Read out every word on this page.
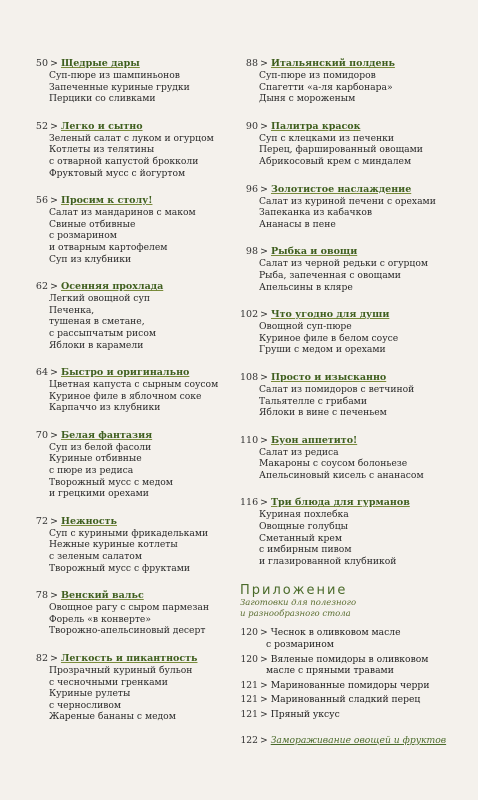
50 > Щедрые дары
Суп-пюре из шампиньонов
Запеченные куриные грудки
Перцики со сливками
52 > Легко и сытно
Зеленый салат с луком и огурцом
Котлеты из телятины
с отварной капустой брокколи
Фруктовый мусс с йогуртом
56 > Просим к столу!
Салат из мандаринов с маком
Свиные отбивные
с розмарином
и отварным картофелем
Суп из клубники
62 > Осенняя прохлада
Легкий овощной суп
Печенка,
тушеная в сметане,
с рассыпчатым рисом
Яблоки в карамели
64 > Быстро и оригинально
Цветная капуста с сырным соусом
Куриное филе в яблочном соке
Карпаччо из клубники
70 > Белая фантазия
Суп из белой фасоли
Куриные отбивные
с пюре из редиса
Творожный мусс с медом
и грецкими орехами
72 > Нежность
Суп с куриными фрикадельками
Нежные куриные котлеты
с зеленым салатом
Творожный мусс с фруктами
78 > Венский вальс
Овощное рагу с сыром пармезан
Форель «в конверте»
Творожно-апельсиновый десерт
82 > Легкость и пикантность
Прозрачный куриный бульон
с чесночными гренками
Куриные рулеты
с черносливом
Жареные бананы с медом
88 > Итальянский полдень
Суп-пюре из помидоров
Спагетти «а-ля карбонара»
Дыня с мороженым
90 > Палитра красок
Суп с клецками из печенки
Перец, фаршированный овощами
Абрикосовый крем с миндалем
96 > Золотистое наслаждение
Салат из куриной печени с орехами
Запеканка из кабачков
Ананасы в пене
98 > Рыбка и овощи
Салат из черной редьки с огурцом
Рыба, запеченная с овощами
Апельсины в кляре
102 > Что угодно для души
Овощной суп-пюре
Куриное филе в белом соусе
Груши с медом и орехами
108 > Просто и изысканно
Салат из помидоров с ветчиной
Тальятелле с грибами
Яблоки в вине с печеньем
110 > Буон аппетито!
Салат из редиса
Макароны с соусом болоньезе
Апельсиновый кисель с ананасом
116 > Три блюда для гурманов
Куриная похлебка
Овощные голубцы
Сметанный крем
с имбирным пивом
и глазированной клубникой
Приложение
Заготовки для полезного
и разнообразного стола
120 > Чеснок в оливковом масле
с розмарином
120 > Вяленые помидоры в оливковом
масле с пряными травами
121 > Маринованные помидоры черри
121 > Маринованный сладкий перец
121 > Пряный уксус
122 > Замораживание овощей и фруктов
